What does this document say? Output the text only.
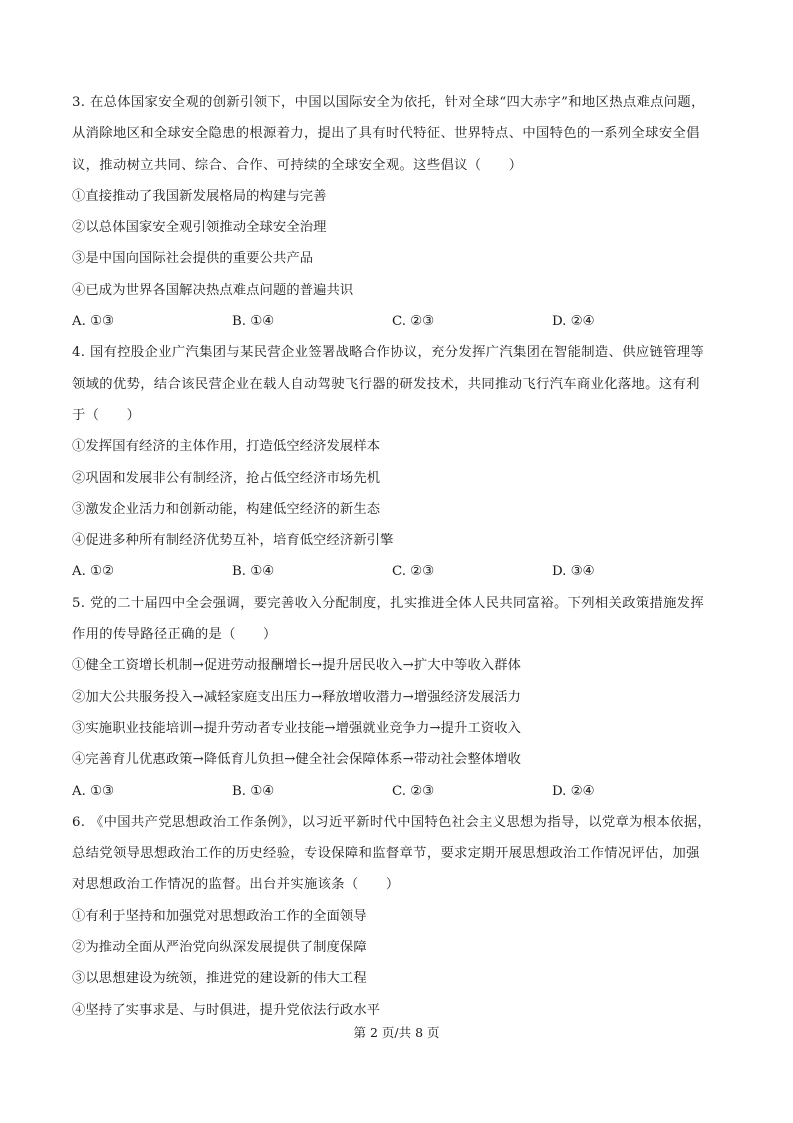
3. 在总体国家安全观的创新引领下，中国以国际安全为依托，针对全球“四大赤字”和地区热点难点问题，
从消除地区和全球安全隐患的根源着力，提出了具有时代特征、世界特点、中国特色的一系列全球安全倡
议，推动树立共同、综合、合作、可持续的全球安全观。这些倡议（　　）
①直接推动了我国新发展格局的构建与完善
②以总体国家安全观引领推动全球安全治理
③是中国向国际社会提供的重要公共产品
④已成为世界各国解决热点难点问题的普遍共识
A. ①③	B. ①④	C. ②③	D. ②④
4. 国有控股企业广汽集团与某民营企业签署战略合作协议，充分发挥广汽集团在智能制造、供应链管理等
领域的优势，结合该民营企业在载人自动驾驶飞行器的研发技术，共同推动飞行汽车商业化落地。这有利
于（　　）
①发挥国有经济的主体作用，打造低空经济发展样本
②巩固和发展非公有制经济，抢占低空经济市场先机
③激发企业活力和创新动能，构建低空经济的新生态
④促进多种所有制经济优势互补，培育低空经济新引擎
A. ①②	B. ①④	C. ②③	D. ③④
5. 党的二十届四中全会强调，要完善收入分配制度，扎实推进全体人民共同富裕。下列相关政策措施发挥
作用的传导路径正确的是（　　）
①健全工资增长机制→促进劳动报酬增长→提升居民收入→扩大中等收入群体
②加大公共服务投入→减轻家庭支出压力→释放增收潜力→增强经济发展活力
③实施职业技能培训→提升劳动者专业技能→增强就业竞争力→提升工资收入
④完善育儿优惠政策→降低育儿负担→健全社会保障体系→带动社会整体增收
A. ①③	B. ①④	C. ②③	D. ②④
6. 《中国共产党思想政治工作条例》，以习近平新时代中国特色社会主义思想为指导，以党章为根本依据，
总结党领导思想政治工作的历史经验，专设保障和监督章节，要求定期开展思想政治工作情况评估，加强
对思想政治工作情况的监督。出台并实施该条（　　）
①有利于坚持和加强党对思想政治工作的全面领导
②为推动全面从严治党向纵深发展提供了制度保障
③以思想建设为统领，推进党的建设新的伟大工程
④坚持了实事求是、与时俱进，提升党依法行政水平
第 2 页/共 8 页
